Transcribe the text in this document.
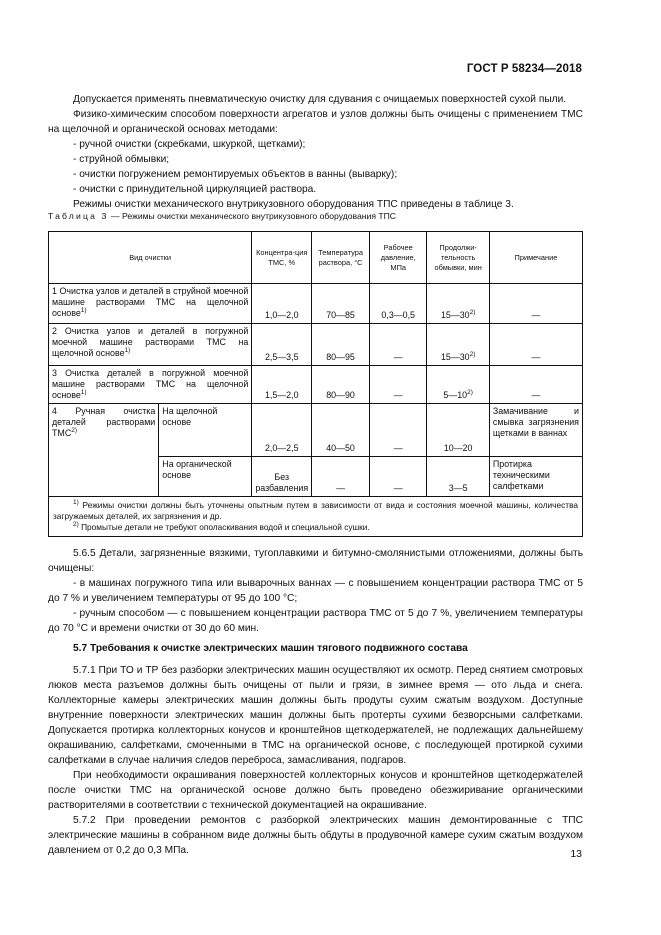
ГОСТ Р 58234—2018

Допускается применять пневматическую очистку для сдувания с очищаемых поверхностей сухой пыли.

Физико-химическим способом поверхности агрегатов и узлов должны быть очищены с применением ТМС на щелочной и органической основах методами:

- ручной очистки (скребками, шкуркой, щетками);

- струйной обмывки;

- очистки погружением ремонтируемых объектов в ванны (вываркy);

- очистки с принудительной циркуляцией раствора.

Режимы очистки механического внутрикузовного оборудования ТПС приведены в таблице 3.

Таблица 3 — Режимы очистки механического внутрикузовного оборудования ТПС
Вид очистки		Концентра-ция ТМС, %	Температура раствора, °С	Рабочее давление, МПа	Продолжи-тельность обмывки, мин	Примечание
1 Очистка узлов и деталей в струйной моечной машине растворами ТМС на щелочной основе$^{1)}$		1,0—2,0	70—85	0,3—0,5	15—30$^{2)}$	—
2 Очистка узлов и деталей в погружной моечной машине растворами ТМС на щелочной основе$^{1)}$		2,5—3,5	80—95	—	15—30$^{2)}$	—
3 Очистка деталей в погружной моечной машине растворами ТМС на щелочной основе$^{1)}$		1,5—2,0	80—90	—	5—10$^{2)}$	—
4 Ручная очистка деталей растворами ТМС$^{2)}$	На щелочной основе	2,0—2,5	40—50	—	10—20	Замачивание и смывка загрязнения щетками в ваннах
	На органической основе	Без разбавления	—	—	3—5	Протирка техническими салфетками

$^{1)}$ Режимы очистки должны быть уточнены опытным путем в зависимости от вида и состояния моечной машины, количества загружаемых деталей, их загрязнения и др.
$^{2)}$ Промытые детали не требуют ополаскивания водой и специальной сушки.						

5.6.5 Детали, загрязненные вязкими, тугоплавкими и битумно-смолянистыми отложениями, должны быть очищены:

- в машинах погружного типа или выварочных ваннах — с повышением концентрации раствора ТМС от 5 до 7 % и увеличением температуры от 95 до 100 °С;

- ручным способом — с повышением концентрации раствора ТМС от 5 до 7 %, увеличением температуры до 70 °С и времени очистки от 30 до 60 мин.

5.7 Требования к очистке электрических машин тягового подвижного состава

5.7.1 При ТО и ТР без разборки электрических машин осуществляют их осмотр. Перед снятием смотровых люков места разъемов должны быть очищены от пыли и грязи, в зимнее время — ото льда и снега. Коллекторные камеры электрических машин должны быть продуты сухим сжатым воздухом. Доступные внутренние поверхности электрических машин должны быть протерты сухими безворсными салфетками. Допускается протирка коллекторных конусов и кронштейнов щеткодержателей, не подлежащих дальнейшему окрашиванию, салфетками, смоченными в ТМС на органической основе, с последующей протиркой сухими салфетками в случае наличия следов переброса, замасливания, подгаров.

При необходимости окрашивания поверхностей коллекторных конусов и кронштейнов щеткодержателей после очистки ТМС на органической основе должно быть проведено обезжиривание органическими растворителями в соответствии с технической документацией на окрашивание.

5.7.2 При проведении ремонтов с разборкой электрических машин демонтированные с ТПС электрические машины в собранном виде должны быть обдуты в продувочной камере сухим сжатым воздухом давлением от 0,2 до 0,3 МПа.	13
